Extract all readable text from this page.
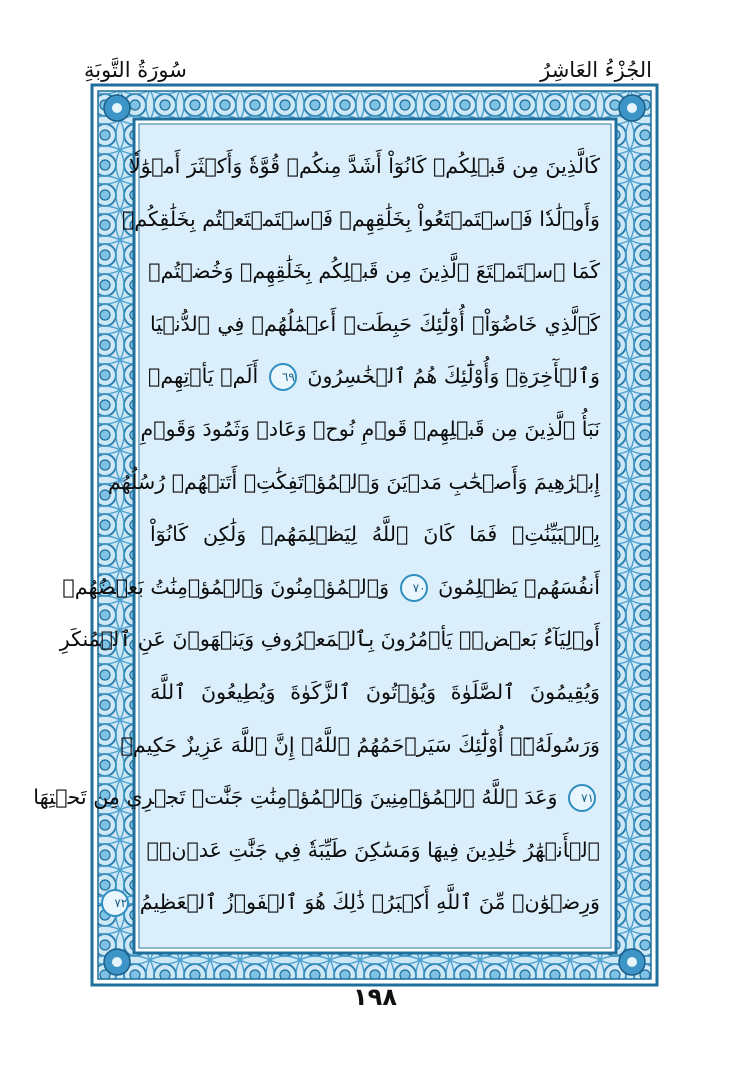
الجُزْءُ العَاشِرُ
سُورَةُ التَّوبَةِ
كَالَّذِينَ مِن قَبۡلِكُمۡ كَانُوٓاْ أَشَدَّ مِنكُمۡ قُوَّةٗ وَأَكۡثَرَ أَمۡوَٰلٗا
وَأَوۡلَٰدٗا فَٱسۡتَمۡتَعُواْ بِخَلَٰقِهِمۡ فَٱسۡتَمۡتَعۡتُم بِخَلَٰقِكُمۡ
كَمَا ٱسۡتَمۡتَعَ ٱلَّذِينَ مِن قَبۡلِكُم بِخَلَٰقِهِمۡ وَخُضۡتُمۡ
كَٱلَّذِي خَاضُوٓاْۚ أُوْلَٰٓئِكَ حَبِطَتۡ أَعۡمَٰلُهُمۡ فِي ٱلدُّنۡيَا
وَٱلۡأٓخِرَةِۖ وَأُوْلَٰٓئِكَ هُمُ ٱلۡخَٰسِرُونَ ٦٩ أَلَمۡ يَأۡتِهِمۡ
نَبَأُ ٱلَّذِينَ مِن قَبۡلِهِمۡ قَوۡمِ نُوحٖ وَعَادٖ وَثَمُودَ وَقَوۡمِ
إِبۡرَٰهِيمَ وَأَصۡحَٰبِ مَدۡيَنَ وَٱلۡمُؤۡتَفِكَٰتِۚ أَتَتۡهُمۡ رُسُلُهُم
بِٱلۡبَيِّنَٰتِۖ فَمَا كَانَ ٱللَّهُ لِيَظۡلِمَهُمۡ وَلَٰكِن كَانُوٓاْ
أَنفُسَهُمۡ يَظۡلِمُونَ ٧٠ وَٱلۡمُؤۡمِنُونَ وَٱلۡمُؤۡمِنَٰتُ بَعۡضُهُمۡ
أَوۡلِيَآءُ بَعۡضٖۚ يَأۡمُرُونَ بِٱلۡمَعۡرُوفِ وَيَنۡهَوۡنَ عَنِ ٱلۡمُنكَرِ
وَيُقِيمُونَ ٱلصَّلَوٰةَ وَيُؤۡتُونَ ٱلزَّكَوٰةَ وَيُطِيعُونَ ٱللَّهَ
وَرَسُولَهُۥٓۚ أُوْلَٰٓئِكَ سَيَرۡحَمُهُمُ ٱللَّهُۗ إِنَّ ٱللَّهَ عَزِيزٌ حَكِيمٞ
٧١ وَعَدَ ٱللَّهُ ٱلۡمُؤۡمِنِينَ وَٱلۡمُؤۡمِنَٰتِ جَنَّٰتٖ تَجۡرِي مِن تَحۡتِهَا
ٱلۡأَنۡهَٰرُ خَٰلِدِينَ فِيهَا وَمَسَٰكِنَ طَيِّبَةٗ فِي جَنَّٰتِ عَدۡنٖۚ
وَرِضۡوَٰنٞ مِّنَ ٱللَّهِ أَكۡبَرُۚ ذَٰلِكَ هُوَ ٱلۡفَوۡزُ ٱلۡعَظِيمُ ٧٢
١٩٨
